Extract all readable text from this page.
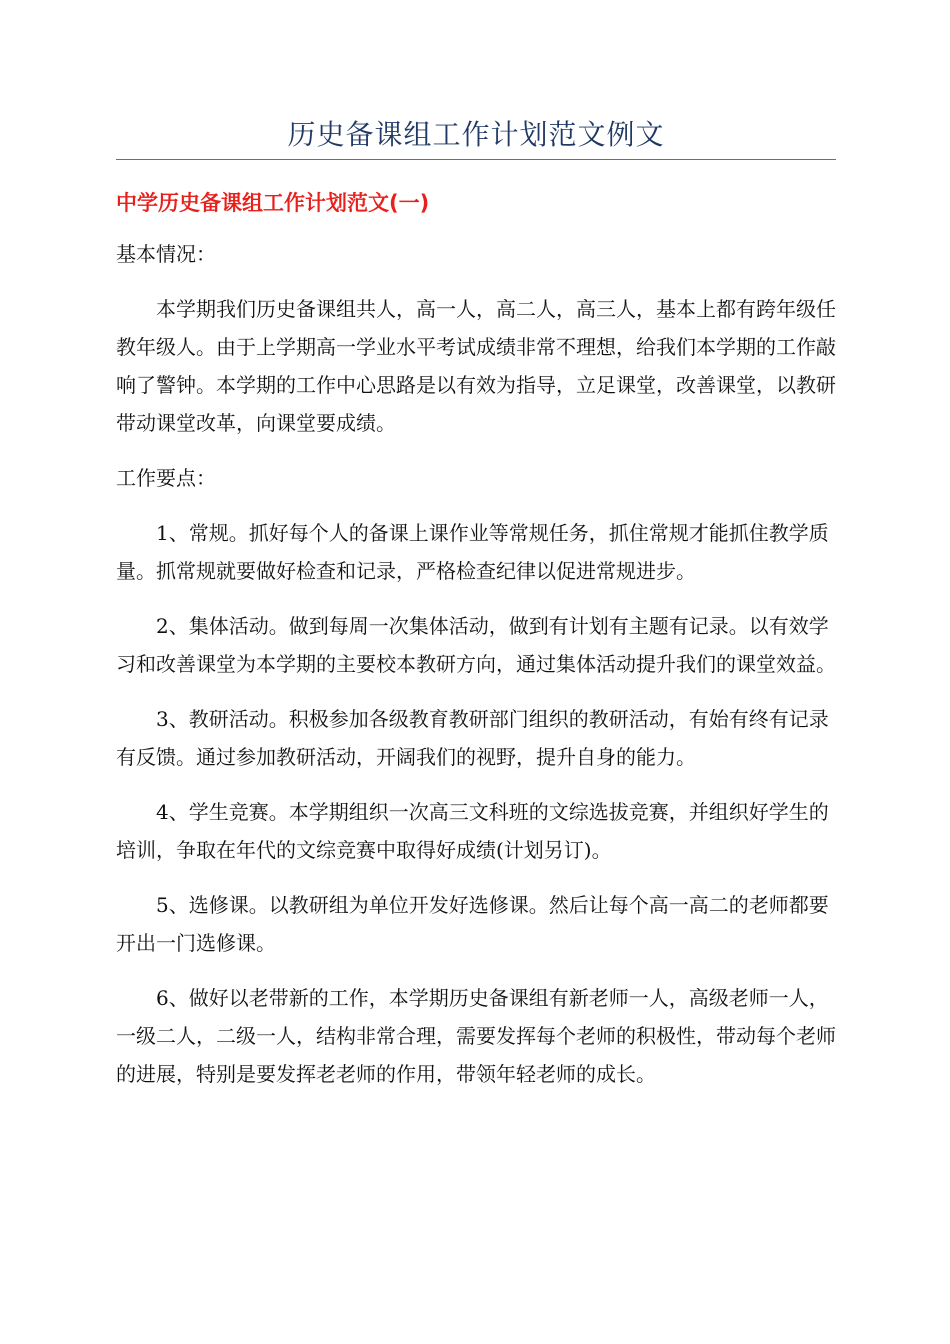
历史备课组工作计划范文例文
中学历史备课组工作计划范文(一)

基本情况：

本学期我们历史备课组共人，高一人，高二人，高三人，基本上都有跨年级任教年级人。由于上学期高一学业水平考试成绩非常不理想，给我们本学期的工作敲响了警钟。本学期的工作中心思路是以有效为指导，立足课堂，改善课堂，以教研带动课堂改革，向课堂要成绩。

工作要点：

1、常规。抓好每个人的备课上课作业等常规任务，抓住常规才能抓住教学质量。抓常规就要做好检查和记录，严格检查纪律以促进常规进步。

2、集体活动。做到每周一次集体活动，做到有计划有主题有记录。以有效学习和改善课堂为本学期的主要校本教研方向，通过集体活动提升我们的课堂效益。

3、教研活动。积极参加各级教育教研部门组织的教研活动，有始有终有记录有反馈。通过参加教研活动，开阔我们的视野，提升自身的能力。

4、学生竞赛。本学期组织一次高三文科班的文综选拔竞赛，并组织好学生的培训，争取在年代的文综竞赛中取得好成绩(计划另订)。

5、选修课。以教研组为单位开发好选修课。然后让每个高一高二的老师都要开出一门选修课。

6、做好以老带新的工作，本学期历史备课组有新老师一人，高级老师一人，一级二人，二级一人，结构非常合理，需要发挥每个老师的积极性，带动每个老师的进展，特别是要发挥老老师的作用，带领年轻老师的成长。
